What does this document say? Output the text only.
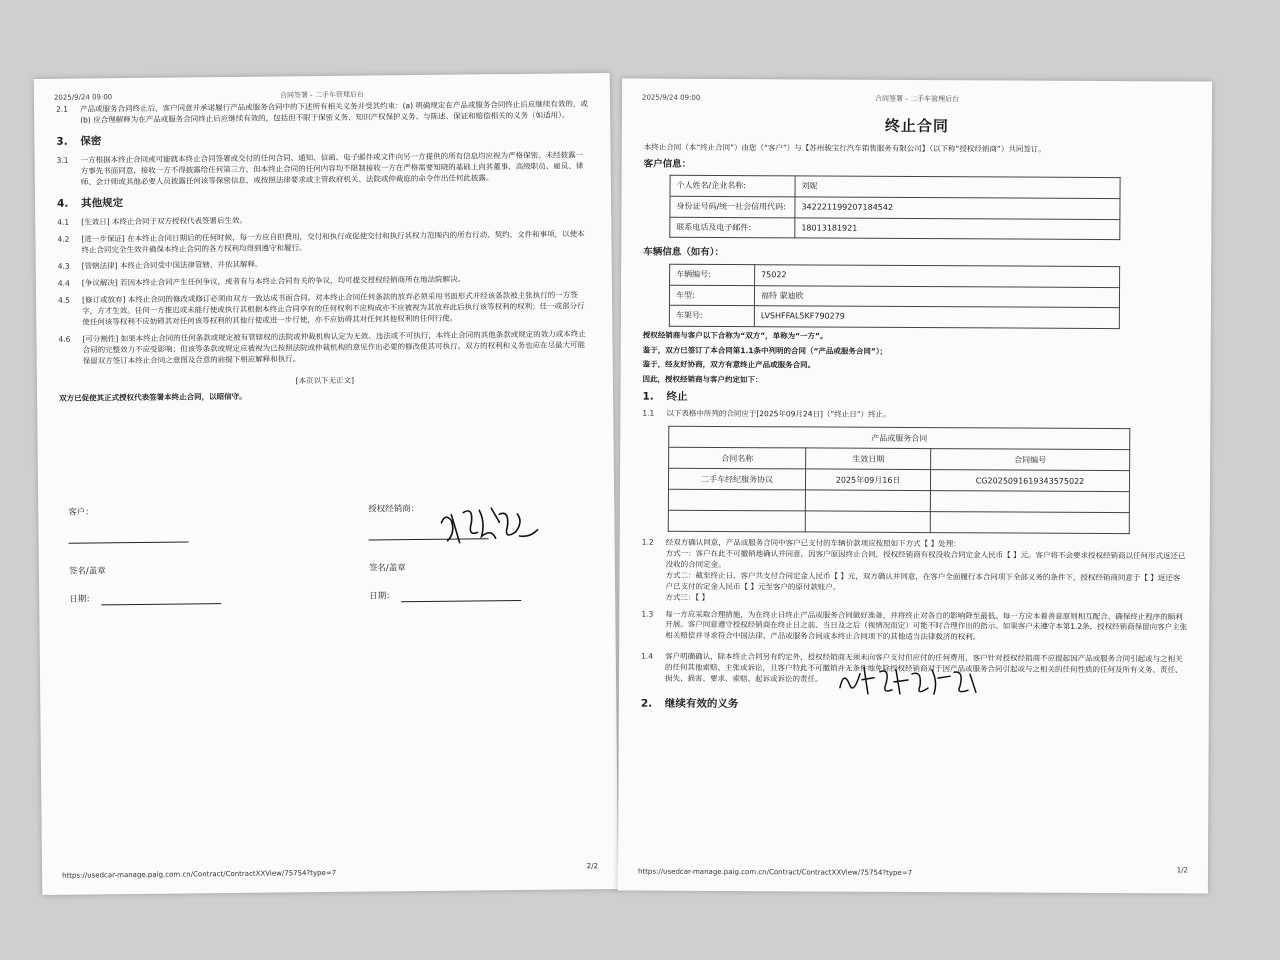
2025/9/24 09:00	合同签署 - 二手车管理后台
2.1	产品或服务合同终止后，客户同意并承诺履行产品或服务合同中的下述所有相关义务并受其约束：(a) 明确规定在产品或服务合同终止后应继续有效的，或 (b) 应合理解释为在产品或服务合同终止后应继续有效的，包括但不限于保密义务、知识产权保护义务、与陈述、保证和赔偿相关的义务（如适用）。
3. 保密
3.1	一方根据本终止合同或可能就本终止合同签署或交付的任何合同、通知、信函、电子邮件或文件向另一方提供的所有信息均应视为严格保密。未经披露一方事先书面同意，接收一方不得披露给任何第三方，但本终止合同的任何内容均不限制接收一方在严格需要知晓的基础上向其董事、高级职员、雇员、律师、会计师或其他必要人员披露任何该等保密信息，或按照法律要求或主管政府机关、法院或仲裁庭的命令作出任何此披露。
4. 其他规定
4.1	[生效日] 本终止合同于双方授权代表签署后生效。
4.2	[进一步保证] 在本终止合同日期后的任何时候，每一方应自担费用，交付和执行或促使交付和执行其权力范围内的所有行动、契约、文件和事项，以使本终止合同完全生效并确保本终止合同的各方权利均得到遵守和履行。
4.3	[管辖法律] 本终止合同受中国法律管辖，并依其解释。
4.4	[争议解决] 若因本终止合同产生任何争议，或者有与本终止合同有关的争议，均可提交授权经销商所在地法院解决。
4.5	[修订或放弃] 本终止合同的修改或修订必须由双方一致达成书面合同。对本终止合同任何条款的放弃必须采用书面形式并经该条款被主张执行的一方签字，方才生效。任何一方推迟或未能行使或执行其根据本终止合同享有的任何权利不应构成亦不应被视为其放弃此后执行该等权利的权利；任一或部分行使任何该等权利不应妨碍其对任何该等权利的其他行使或进一步行使，亦不应妨碍其对任何其他权利的任何行使。
4.6	[可分割性] 如果本终止合同的任何条款或规定被有管辖权的法院或仲裁机构认定为无效、违法或不可执行，本终止合同的其他条款或规定的效力或本终止合同的完整效力不应受影响；但该等条款或规定应被视为已按照法院或仲裁机构的意见作出必要的修改使其可执行。双方的权利和义务也应在尽最大可能保留双方签订本终止合同之意图及合意的前提下相应解释和执行。
[本页以下无正文]
双方已促使其正式授权代表签署本终止合同，以昭信守。
客户：
签名/盖章
日期：
授权经销商：
签名/盖章
日期：
https://usedcar-manage.paig.com.cn/Contract/ContractXXView/75754?type=7
2/2
2025/9/24 09:00	合同签署 - 二手车管理后台
终止合同
本终止合同（本“终止合同”）由您（“客户”）与【苏州骏宝行汽车销售服务有限公司】（以下称“授权经销商”）共同签订。
客户信息：
个人姓名/企业名称:	刘妮
身份证号码/统一社会信用代码:	342221199207184542
联系电话及电子邮件:	18013181921
车辆信息（如有）：
车辆编号:	75022
车型:	福特 蒙迪欧
车架号:	LVSHFFAL5KF790279
授权经销商与客户以下合称为“双方”，单称为“一方”。
鉴于，双方已签订了本合同第1.1条中列明的合同（“产品或服务合同”）；
鉴于，经友好协商，双方有意终止产品或服务合同。
因此，授权经销商与客户约定如下：
1. 终止
1.1	以下表格中所列的合同应于[2025年09月24日]（“终止日”）终止。
产品或服务合同		
合同名称	生效日期	合同编号
二手车经纪服务协议	2025年09月16日	CG2025091619343575022

1.2	经双方确认同意，产品或服务合同中客户已支付的车辆价款项应按照如下方式【 】处理：
方式一：客户在此不可撤销地确认并同意，因客户原因终止合同，授权经销商有权没收合同定金人民币【 】元。客户将不会要求授权经销商以任何形式返还已没收的合同定金。
方式二：截至终止日，客户共支付合同定金人民币【 】元，双方确认并同意，在客户全面履行本合同项下全部义务的条件下，授权经销商同意于【 】返还客户已支付的定金人民币【 】元至客户的原付款账户。
方式三：【 】
1.3	每一方应采取合理措施，为在终止日终止产品或服务合同做好准备，并将终止对各自的影响降至最低。每一方应本着善意原则相互配合，确保终止程序的顺利开展。客户同意遵守授权经销商在终止日之前、当日及之后（视情况而定）可能不时合理作出的指示。如果客户未遵守本第1.2条，授权经销商保留向客户主张相关赔偿并寻求符合中国法律、产品或服务合同或本终止合同项下的其他适当法律救济的权利。
1.4	客户明确确认，除本终止合同另有约定外，授权经销商无须未向客户支付但应付的任何费用，客户针对授权经销商不应提起因产品或服务合同引起或与之相关的任何其他索赔、主张或诉讼，且客户特此不可撤销并无条件地免除授权经销商对于因产品或服务合同引起或与之相关的任何性质的任何及所有义务、责任、损失、损害、要求、索赔、起诉或诉讼的责任。
2. 继续有效的义务
https://usedcar-manage.paig.com.cn/Contract/ContractXXView/75754?type=7	1/2
